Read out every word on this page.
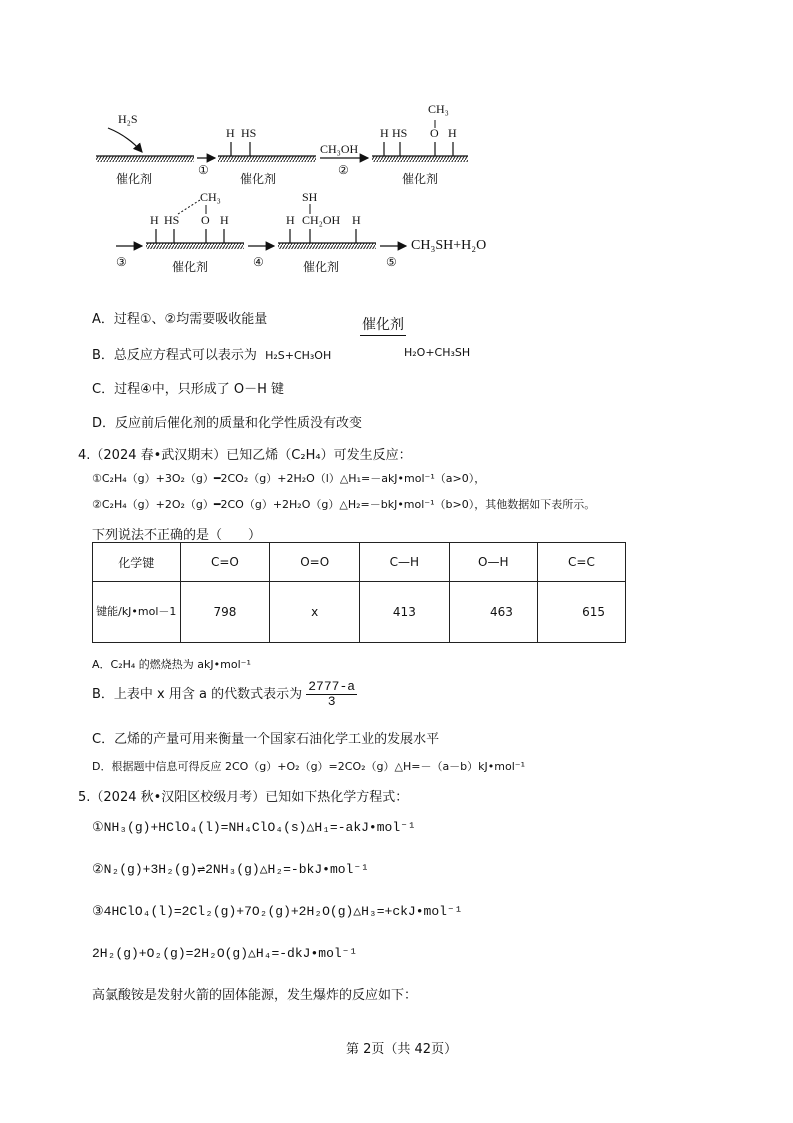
H₂S
催化剂
①
H HS
催化剂
CH₃OH
②
H HS O H
CH₃
催化剂
③
H HS O H
CH₃
催化剂	④
H CH₂OH H
SH
催化剂	⑤
CH₃SH+H₂O
A．过程①、②均需要吸收能量
B．总反应方程式可以表示为 H₂S+CH₃OH
催化剂
H₂O+CH₃SH
C．过程④中，只形成了 O－H 键
D．反应前后催化剂的质量和化学性质没有改变
4.（2024 春•武汉期末）已知乙烯（C₂H₄）可发生反应：
①C₂H₄（g）+3O₂（g）━2CO₂（g）+2H₂O（l）△H₁=－akJ•mol⁻¹（a>0），
②C₂H₄（g）+2O₂（g）━2CO（g）+2H₂O（g）△H₂=－bkJ•mol⁻¹（b>0），其他数据如下表所示。
下列说法不正确的是（　　）
化学键	C=O	O=O	C—H	O—H	C=C
键能/kJ•mol－1	798	x	413	463	615
A．C₂H₄ 的燃烧热为 akJ•mol⁻¹
B．上表中 x 用含 a 的代数式表示为 $\frac{2777-a}{3}$
C．乙烯的产量可用来衡量一个国家石油化学工业的发展水平
D．根据题中信息可得反应 2CO（g）+O₂（g）=2CO₂（g）△H=－（a－b）kJ•mol⁻¹
5.（2024 秋•汉阳区校级月考）已知如下热化学方程式：
①NH₃(g)+HClO₄(l)=NH₄ClO₄(s)△H₁=-akJ•mol⁻¹
②N₂(g)+3H₂(g)⇌2NH₃(g)△H₂=-bkJ•mol⁻¹
③4HClO₄(l)=2Cl₂(g)+7O₂(g)+2H₂O(g)△H₃=+ckJ•mol⁻¹
2H₂(g)+O₂(g)=2H₂O(g)△H₄=-dkJ•mol⁻¹
高氯酸铵是发射火箭的固体能源，发生爆炸的反应如下：
第 2页（共 42页）
